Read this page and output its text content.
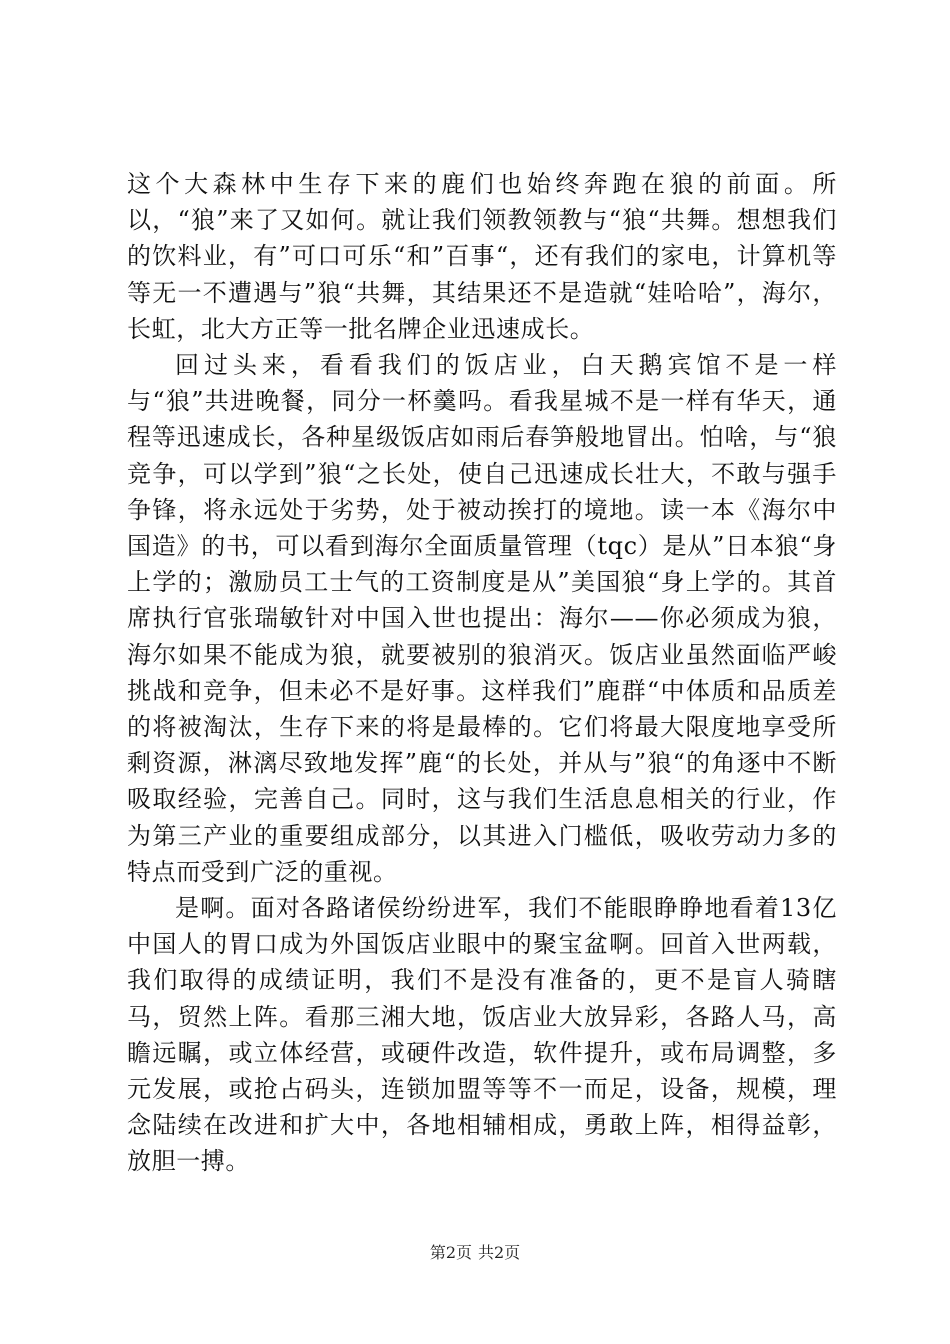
这个大森林中生存下来的鹿们也始终奔跑在狼的前面。所以，“狼”来了又如何。就让我们领教领教与“狼“共舞。想想我们的饮料业，有”可口可乐“和”百事“，还有我们的家电，计算机等等无一不遭遇与”狼“共舞，其结果还不是造就“娃哈哈”，海尔，长虹，北大方正等一批名牌企业迅速成长。

回过头来，看看我们的饭店业，白天鹅宾馆不是一样与“狼”共进晚餐，同分一杯羹吗。看我星城不是一样有华天，通程等迅速成长，各种星级饭店如雨后春笋般地冒出。怕啥，与“狼竞争，可以学到”狼“之长处，使自己迅速成长壮大，不敢与强手争锋，将永远处于劣势，处于被动挨打的境地。读一本《海尔中国造》的书，可以看到海尔全面质量管理（tqc）是从”日本狼“身上学的；激励员工士气的工资制度是从”美国狼“身上学的。其首席执行官张瑞敏针对中国入世也提出：海尔——你必须成为狼，海尔如果不能成为狼，就要被别的狼消灭。饭店业虽然面临严峻挑战和竞争，但未必不是好事。这样我们”鹿群“中体质和品质差的将被淘汰，生存下来的将是最棒的。它们将最大限度地享受所剩资源，淋漓尽致地发挥”鹿“的长处，并从与”狼“的角逐中不断吸取经验，完善自己。同时，这与我们生活息息相关的行业，作为第三产业的重要组成部分，以其进入门槛低，吸收劳动力多的特点而受到广泛的重视。

是啊。面对各路诸侯纷纷进军，我们不能眼睁睁地看着13亿中国人的胃口成为外国饭店业眼中的聚宝盆啊。回首入世两载，我们取得的成绩证明，我们不是没有准备的，更不是盲人骑瞎马，贸然上阵。看那三湘大地，饭店业大放异彩，各路人马，高瞻远瞩，或立体经营，或硬件改造，软件提升，或布局调整，多元发展，或抢占码头，连锁加盟等等不一而足，设备，规模，理念陆续在改进和扩大中，各地相辅相成，勇敢上阵，相得益彰，放胆一搏。

第2页 共2页
